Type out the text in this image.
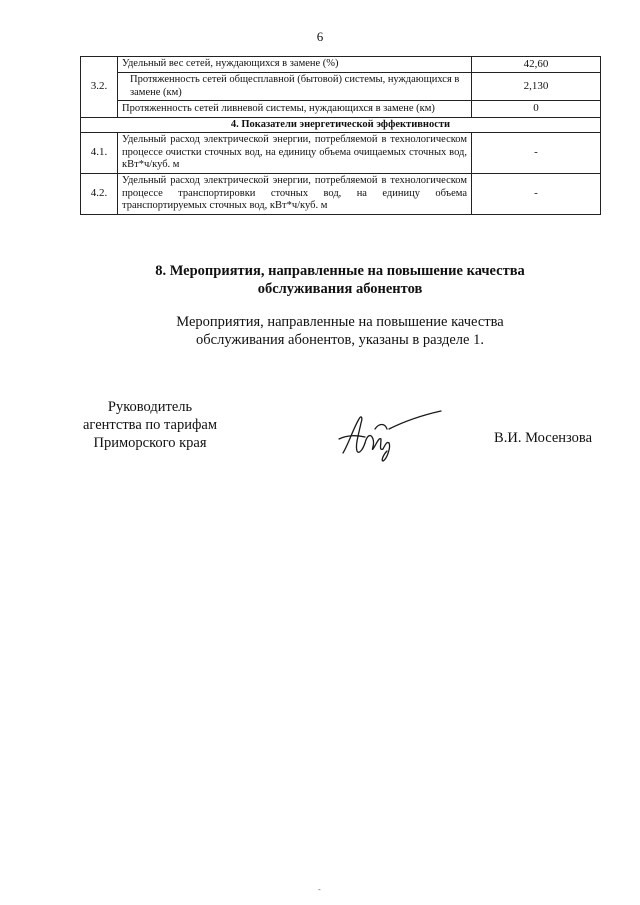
6
3.2.	Удельный вес сетей, нуждающихся в замене (%)	42,60
	Протяженность сетей общесплавной (бытовой) системы, нуждающихся в замене (км)	2,130
	Протяженность сетей ливневой системы, нуждающихся в замене (км)	0
4. Показатели энергетической эффективности		
4.1.	Удельный расход электрической энергии, потребляемой в технологическом процессе очистки сточных вод, на единицу объема очищаемых сточных вод, кВт*ч/куб. м	-
4.2.	Удельный расход электрической энергии, потребляемой в технологическом процессе транспортировки сточных вод, на единицу объема транспортируемых сточных вод, кВт*ч/куб. м	-
8. Мероприятия, направленные на повышение качества
обслуживания абонентов
Мероприятия, направленные на повышение качества
обслуживания абонентов, указаны в разделе 1.
Руководитель
агентства по тарифам
Приморского края	В.И. Мосензова
-
